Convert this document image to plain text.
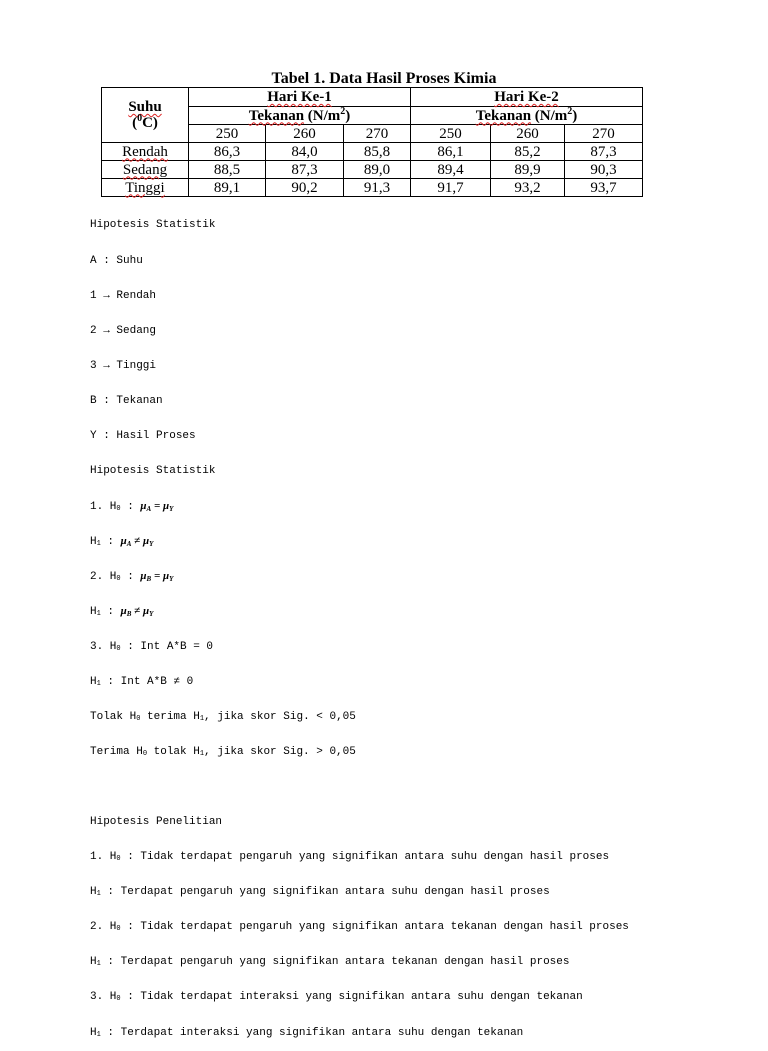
Tabel 1. Data Hasil Proses Kimia
Suhu
($^0$C)	Hari Ke-1			Hari Ke-2		
	Tekanan $(N/m^2)$			Tekanan $(N/m^2)$		
	250	260	270	250	260	270
Rendah	86,3	84,0	85,8	86,1	85,2	87,3
Sedang	88,5	87,3	89,0	89,4	89,9	90,3
Tinggi	89,1	90,2	91,3	91,7	93,2	93,7

Hipotesis Statistik

A : Suhu

1 → Rendah

2 → Sedang

3 → Tinggi

B : Tekanan

Y : Hasil Proses

Hipotesis Statistik

1. H0 : μA = μY

H1 : μA ≠ μY

2. H0 : μB = μY

H1 : μB ≠ μY

3. H0 : Int A*B = 0

H1 : Int A*B ≠ 0

Tolak H0 terima H1, jika skor Sig. < 0,05

Terima H0 tolak H1, jika skor Sig. > 0,05

Hipotesis Penelitian

1. H0 : Tidak terdapat pengaruh yang signifikan antara suhu dengan hasil proses

H1 : Terdapat pengaruh yang signifikan antara suhu dengan hasil proses

2. H0 : Tidak terdapat pengaruh yang signifikan antara tekanan dengan hasil proses

H1 : Terdapat pengaruh yang signifikan antara tekanan dengan hasil proses

3. H0 : Tidak terdapat interaksi yang signifikan antara suhu dengan tekanan

H1 : Terdapat interaksi yang signifikan antara suhu dengan tekanan
